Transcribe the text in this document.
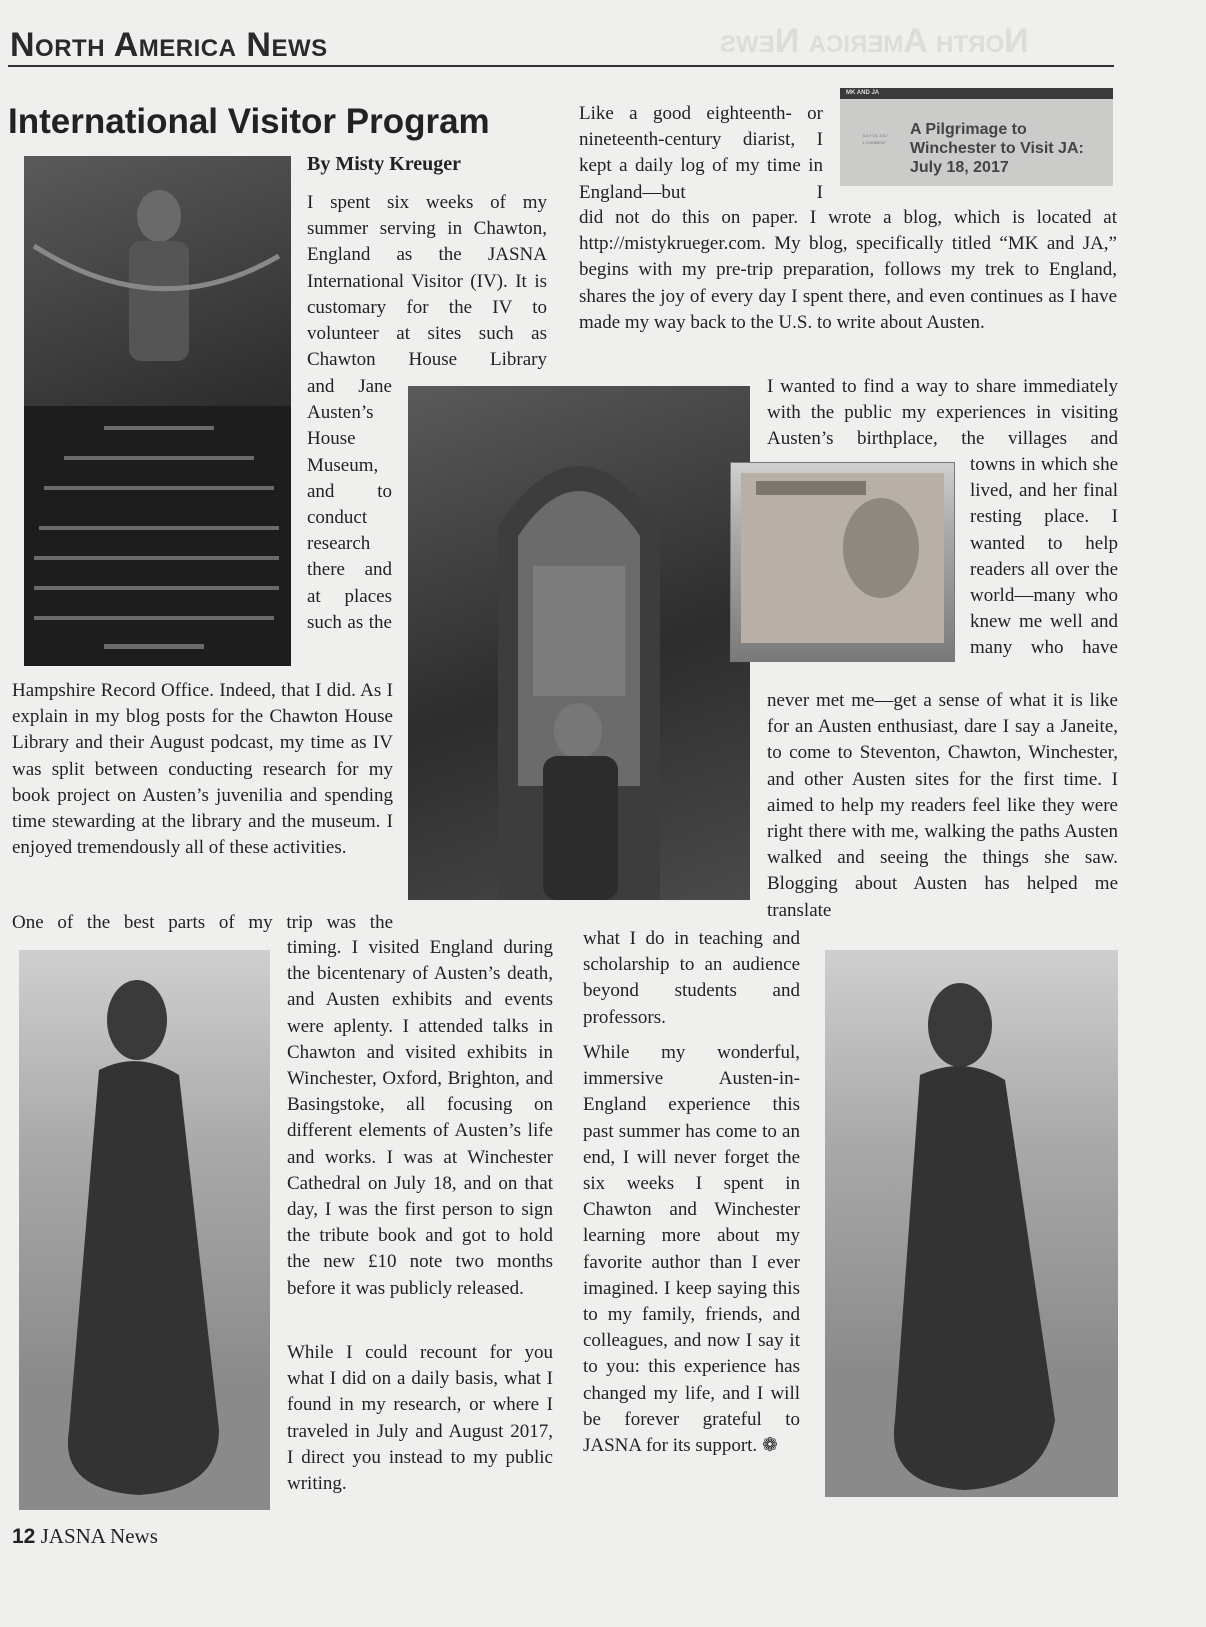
North America News
North America News
International Visitor Program
By Misty Kreuger
MK AND JA
JULY 18, 2017
1 COMMENT
A Pilgrimage to Winchester to Visit JA: July 18, 2017
I spent six weeks of my summer serving in Chawton, England as the JASNA International Visitor (IV). It is customary for the IV to volunteer at sites such as Chawton House Library
and Jane Austen’s House Museum, and to conduct research there and at places such as the
Hampshire Record Office. Indeed, that I did. As I explain in my blog posts for the Chawton House Library and their August podcast, my time as IV was split between conducting research for my book project on Austen’s juvenilia and spending time stewarding at the library and the museum. I enjoyed tremendously all of these activities.
One of the best parts of my trip was the
timing. I visited England during the bicentenary of Austen’s death, and Austen exhibits and events were aplenty. I attended talks in Chawton and visited exhibits in Winchester, Oxford, Brighton, and Basingstoke, all focusing on different elements of Austen’s life and works. I was at Winchester Cathedral on July 18, and on that day, I was the first person to sign the tribute book and got to hold the new £10 note two months before it was publicly released.
While I could recount for you what I did on a daily basis, what I found in my research, or where I traveled in July and August 2017, I direct you instead to my public writing.
Like a good eighteenth- or nineteenth-century diarist, I kept a daily log of my time in England—but I
did not do this on paper. I wrote a blog, which is located at http://mistykrueger.com. My blog, specifically titled “MK and JA,” begins with my pre-trip preparation, follows my trek to England, shares the joy of every day I spent there, and even continues as I have made my way back to the U.S. to write about Austen.
I wanted to find a way to share immediately with the public my experiences in visiting Austen’s birthplace, the villages and
towns in which she lived, and her final resting place. I wanted to help readers all over the world—many who knew me well and many who have
never met me—get a sense of what it is like for an Austen enthusiast, dare I say a Janeite, to come to Steventon, Chawton, Winchester, and other Austen sites for the first time. I aimed to help my readers feel like they were right there with me, walking the paths Austen walked and seeing the things she saw. Blogging about Austen has helped me translate
what I do in teaching and scholarship to an audience beyond students and professors.
While my wonderful, immersive Austen-in-England experience this past summer has come to an end, I will never forget the six weeks I spent in Chawton and Winchester learning more about my favorite author than I ever imagined. I keep saying this to my family, friends, and colleagues, and now I say it to you: this experience has changed my life, and I will be forever grateful to JASNA for its support. ❁
12 JASNA News
